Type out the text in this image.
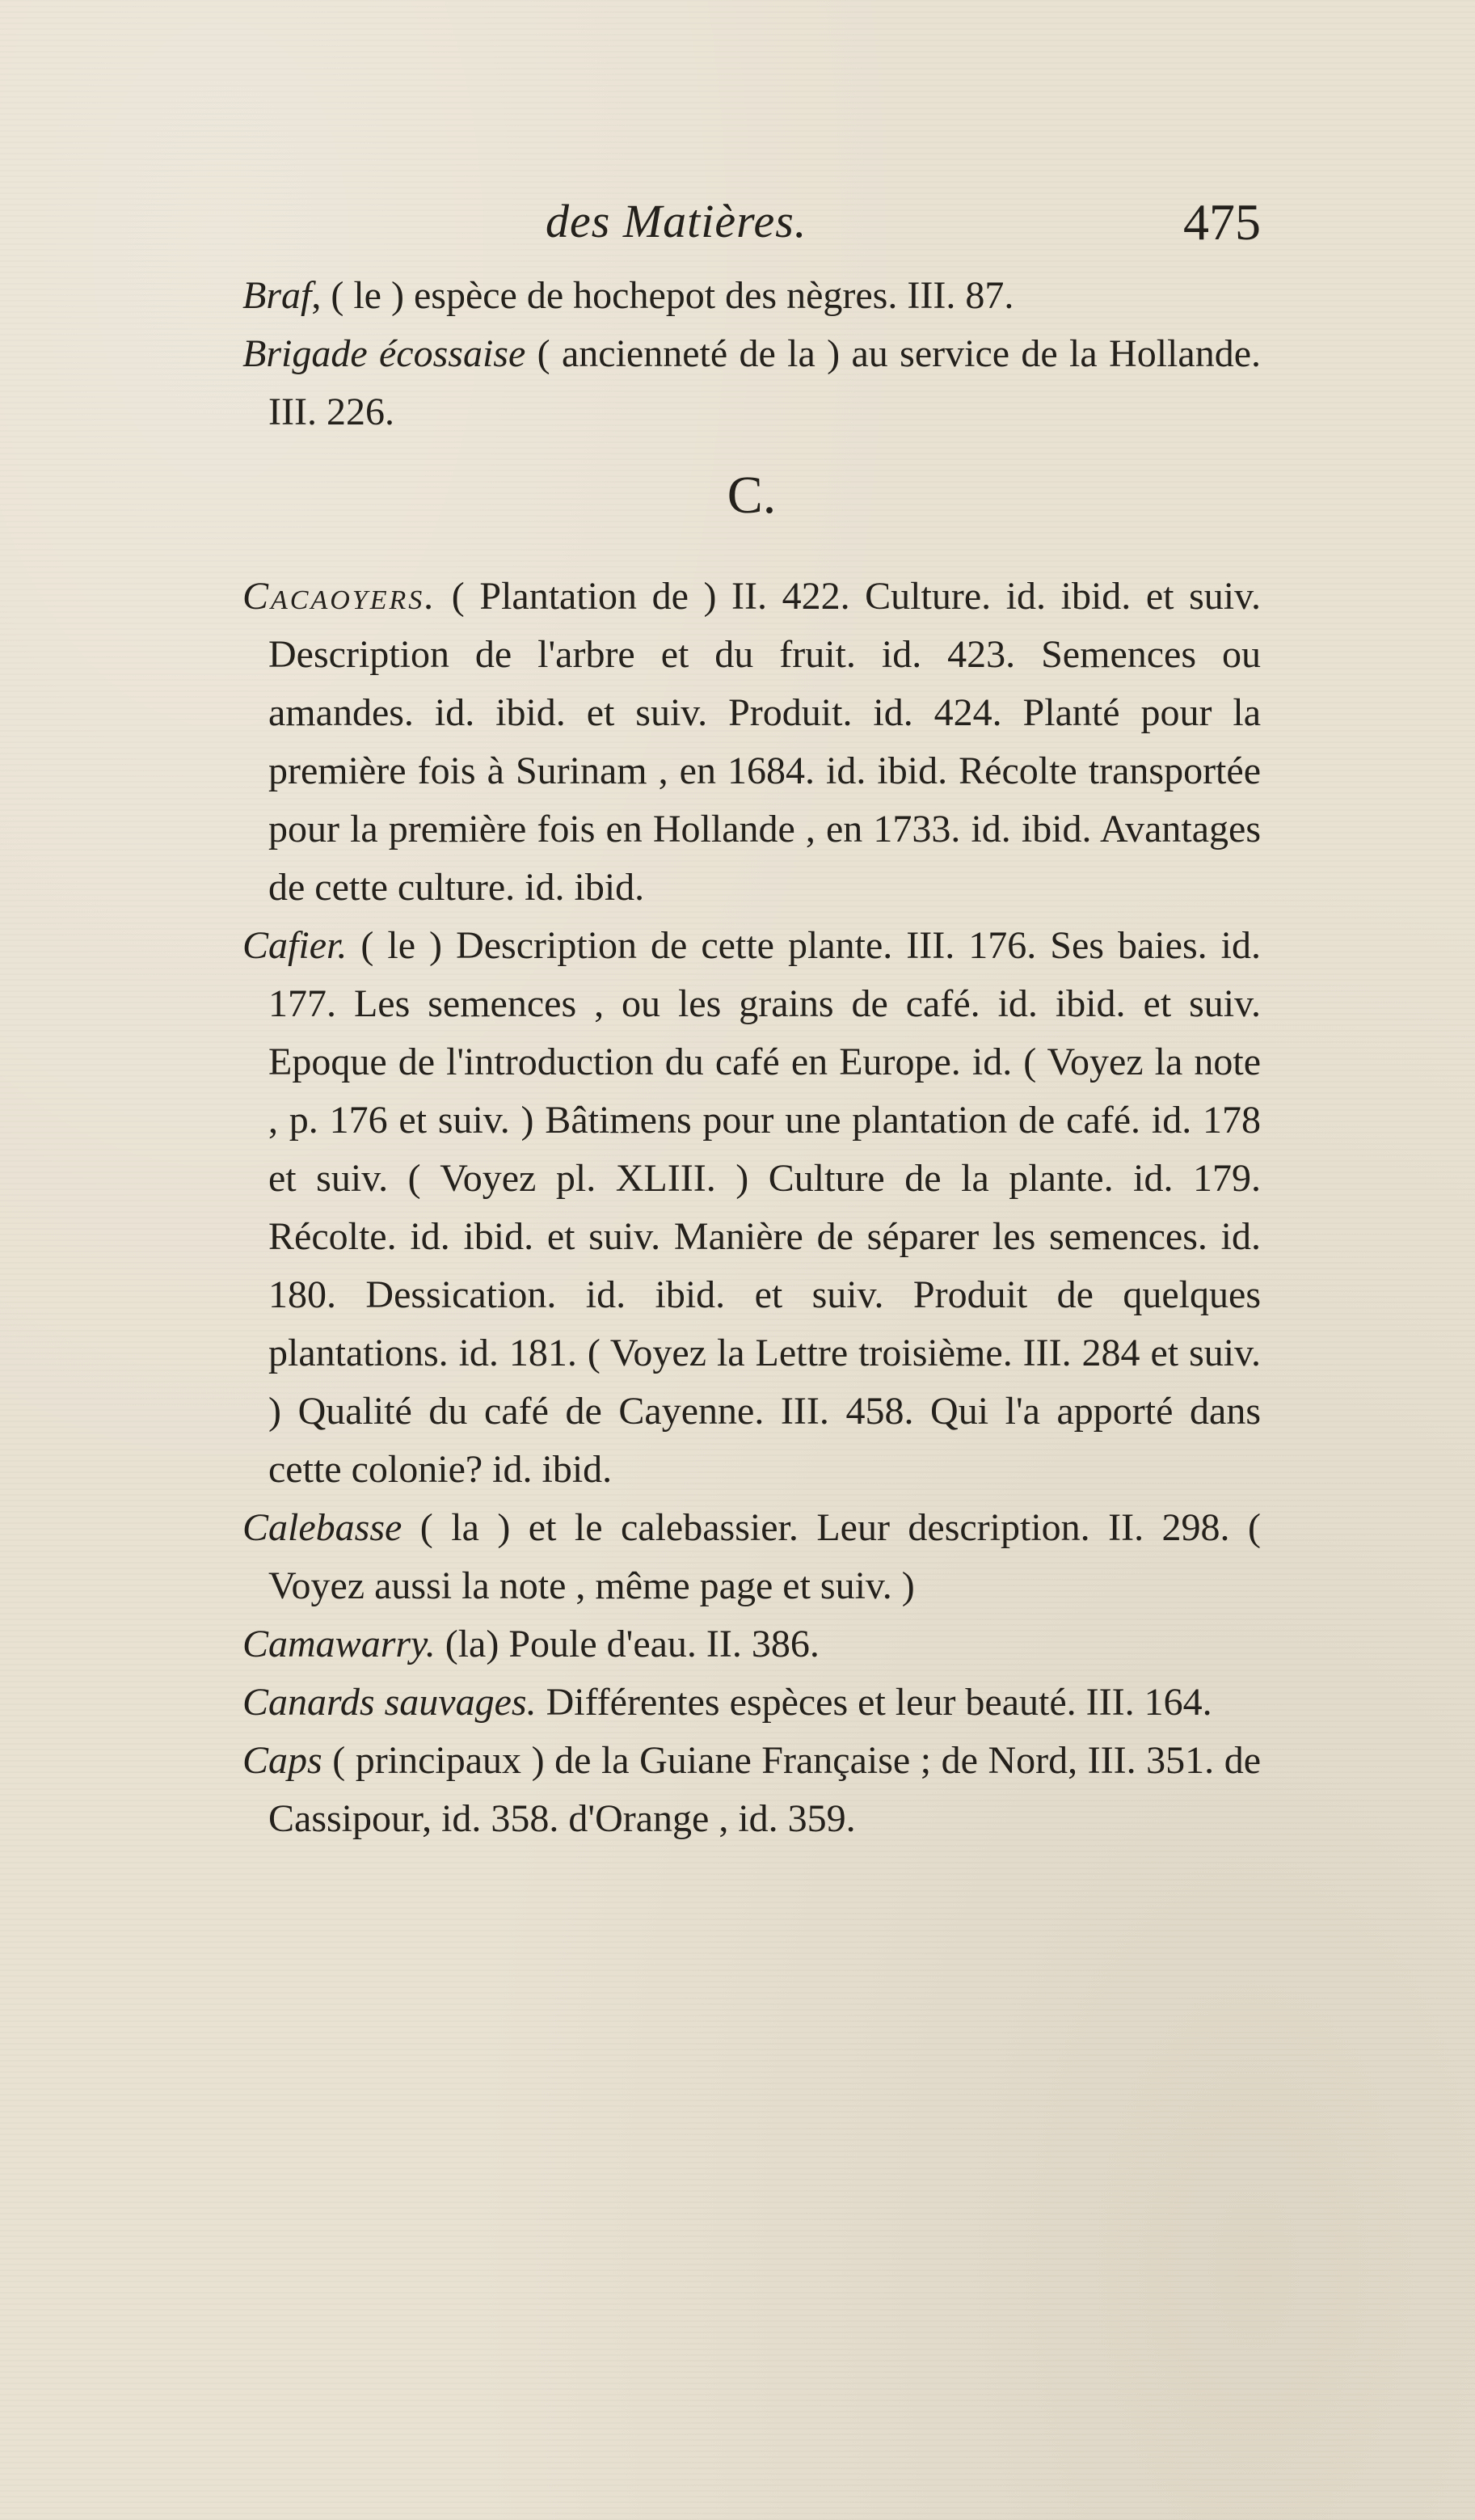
des Matières.	475

Braf, ( le ) espèce de hochepot des nègres. III. 87.

Brigade écossaise ( ancienneté de la ) au service de la Hollande. III. 226.

C.

Cacaoyers. ( Plantation de ) II. 422. Culture. id. ibid. et suiv. Description de l'arbre et du fruit. id. 423. Semences ou amandes. id. ibid. et suiv. Produit. id. 424. Planté pour la première fois à Surinam , en 1684. id. ibid. Récolte transportée pour la première fois en Hollande , en 1733. id. ibid. Avantages de cette culture. id. ibid.

Cafier. ( le ) Description de cette plante. III. 176. Ses baies. id. 177. Les semences , ou les grains de café. id. ibid. et suiv. Epoque de l'introduction du café en Europe. id. ( Voyez la note , p. 176 et suiv. ) Bâtimens pour une plantation de café. id. 178 et suiv. ( Voyez pl. XLIII. ) Culture de la plante. id. 179. Récolte. id. ibid. et suiv. Manière de séparer les semences. id. 180. Dessication. id. ibid. et suiv. Produit de quelques plantations. id. 181. ( Voyez la Lettre troisième. III. 284 et suiv. ) Qualité du café de Cayenne. III. 458. Qui l'a apporté dans cette colonie? id. ibid.

Calebasse ( la ) et le calebassier. Leur description. II. 298. ( Voyez aussi la note , même page et suiv. )

Camawarry. (la) Poule d'eau. II. 386.

Canards sauvages. Différentes espèces et leur beauté. III. 164.

Caps ( principaux ) de la Guiane Française ; de Nord, III. 351. de Cassipour, id. 358. d'Orange , id. 359.
